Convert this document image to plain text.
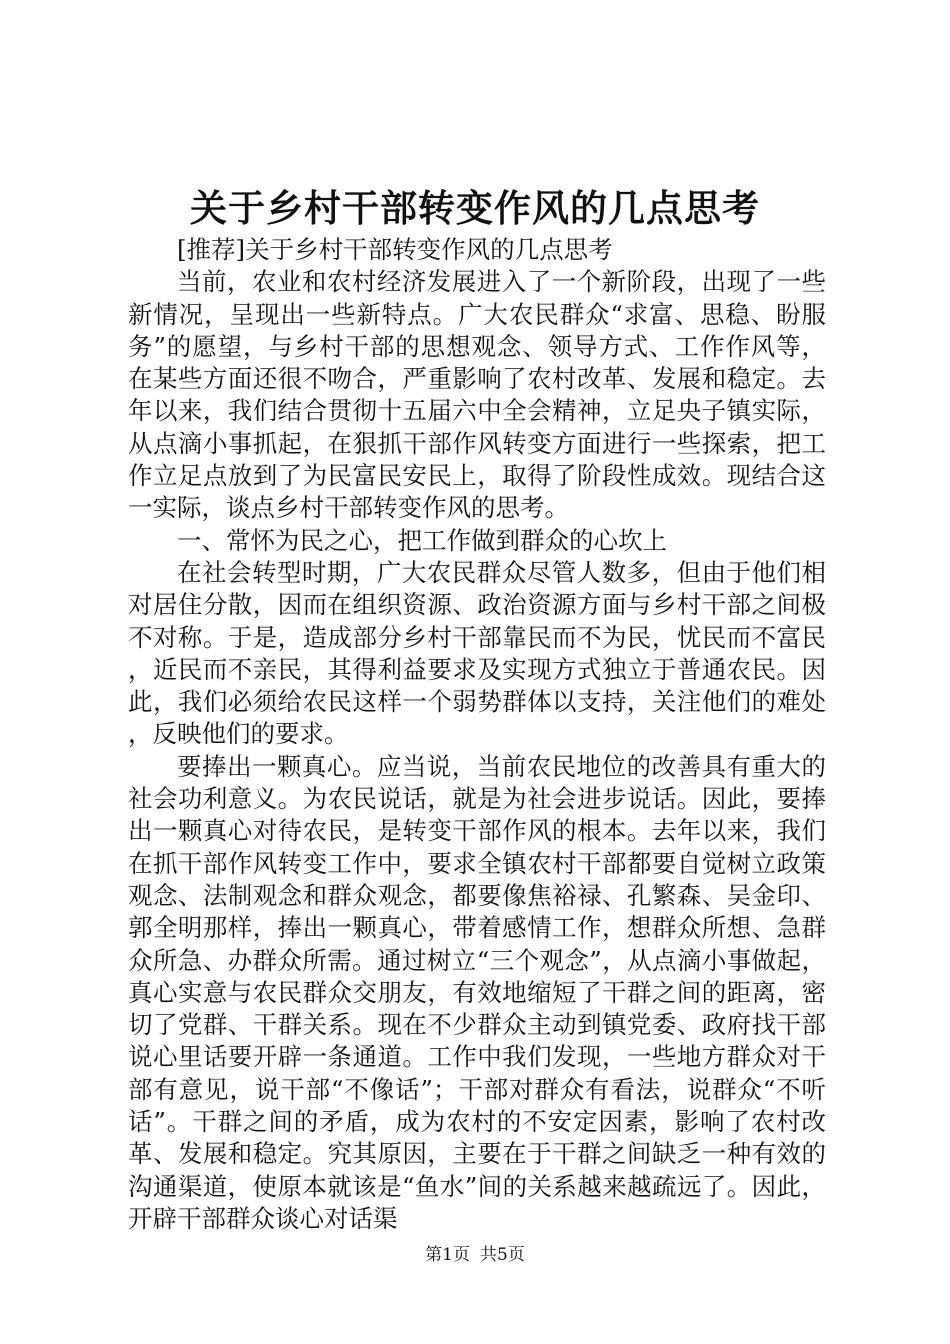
关于乡村干部转变作风的几点思考

[推荐]关于乡村干部转变作风的几点思考

当前，农业和农村经济发展进入了一个新阶段，出现了一些新情况，呈现出一些新特点。广大农民群众“求富、思稳、盼服务”的愿望，与乡村干部的思想观念、领导方式、工作作风等，在某些方面还很不吻合，严重影响了农村改革、发展和稳定。去年以来，我们结合贯彻十五届六中全会精神，立足央子镇实际，从点滴小事抓起，在狠抓干部作风转变方面进行一些探索，把工作立足点放到了为民富民安民上，取得了阶段性成效。现结合这一实际，谈点乡村干部转变作风的思考。

一、常怀为民之心，把工作做到群众的心坎上

在社会转型时期，广大农民群众尽管人数多，但由于他们相对居住分散，因而在组织资源、政治资源方面与乡村干部之间极不对称。于是，造成部分乡村干部靠民而不为民，忧民而不富民，近民而不亲民，其得利益要求及实现方式独立于普通农民。因此，我们必须给农民这样一个弱势群体以支持，关注他们的难处，反映他们的要求。

要捧出一颗真心。应当说，当前农民地位的改善具有重大的社会功利意义。为农民说话，就是为社会进步说话。因此，要捧出一颗真心对待农民，是转变干部作风的根本。去年以来，我们在抓干部作风转变工作中，要求全镇农村干部都要自觉树立政策观念、法制观念和群众观念，都要像焦裕禄、孔繁森、吴金印、郭全明那样，捧出一颗真心，带着感情工作，想群众所想、急群众所急、办群众所需。通过树立“三个观念”，从点滴小事做起，真心实意与农民群众交朋友，有效地缩短了干群之间的距离，密切了党群、干群关系。现在不少群众主动到镇党委、政府找干部说心里话要开辟一条通道。工作中我们发现，一些地方群众对干部有意见，说干部“不像话”；干部对群众有看法，说群众“不听话”。干群之间的矛盾，成为农村的不安定因素，影响了农村改革、发展和稳定。究其原因，主要在于干群之间缺乏一种有效的沟通渠道，使原本就该是“鱼水”间的关系越来越疏远了。因此，开辟干部群众谈心对话渠

第1页 共5页
